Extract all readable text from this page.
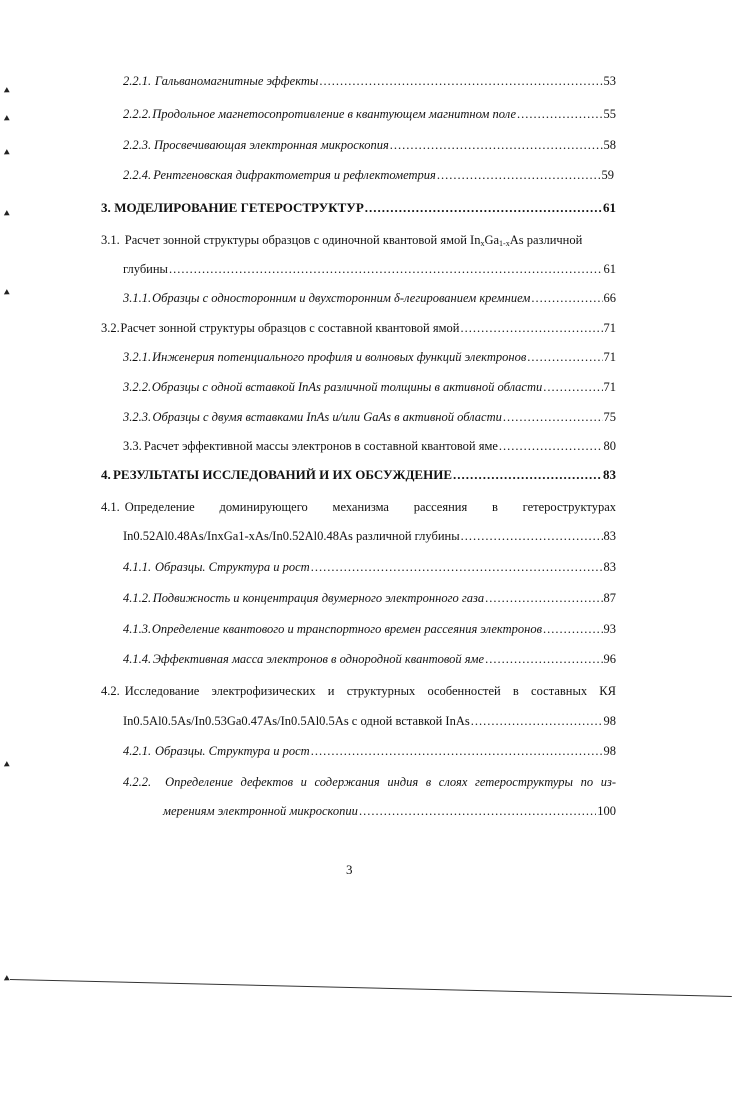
2.2.1. Гальваномагнитные эффекты .....	53
2.2.2. Продольное магнетосопротивление в квантующем магнитном поле .....	55
2.2.3. Просвечивающая электронная микроскопия .....	58
2.2.4. Рентгеновская дифрактометрия и рефлектометрия .....	59
3. МОДЕЛИРОВАНИЕ ГЕТЕРОСТРУКТУР .....	61
3.1. Расчет зонной структуры образцов с одиночной квантовой ямой $In_xGa_{1-x}As$ различной
глубины .....	61
3.1.1. Образцы с односторонним и двухсторонним δ-легированием кремнием .....	66
3.2. Расчет зонной структуры образцов с составной квантовой ямой .....	71
3.2.1. Инженерия потенциального профиля и волновых функций электронов .....	71
3.2.2. Образцы с одной вставкой InAs различной толщины в активной области .....	71
3.2.3. Образцы с двумя вставками InAs и/или GaAs в активной области .....	75
3.3. Расчет эффективной массы электронов в составной квантовой яме .....	80
4. РЕЗУЛЬТАТЫ ИССЛЕДОВАНИЙ И ИХ ОБСУЖДЕНИЕ .....	83
4.1. Определение доминирующего механизма рассеяния в гетероструктурах
In0.52Al0.48As/InxGa1-xAs/In0.52Al0.48As различной глубины .....	83
4.1.1. Образцы. Структура и рост .....	83
4.1.2. Подвижность и концентрация двумерного электронного газа .....	87
4.1.3. Определение квантового и транспортного времен рассеяния электронов .....	93
4.1.4. Эффективная масса электронов в однородной квантовой яме .....	96
4.2. Исследование электрофизических и структурных особенностей в составных КЯ
In0.5Al0.5As/In0.53Ga0.47As/In0.5Al0.5As с одной вставкой InAs .....	98
4.2.1. Образцы. Структура и рост .....	98
4.2.2. Определение дефектов и содержания индия в слоях гетероструктуры по из-
мерениям электронной микроскопии .....	100
3
